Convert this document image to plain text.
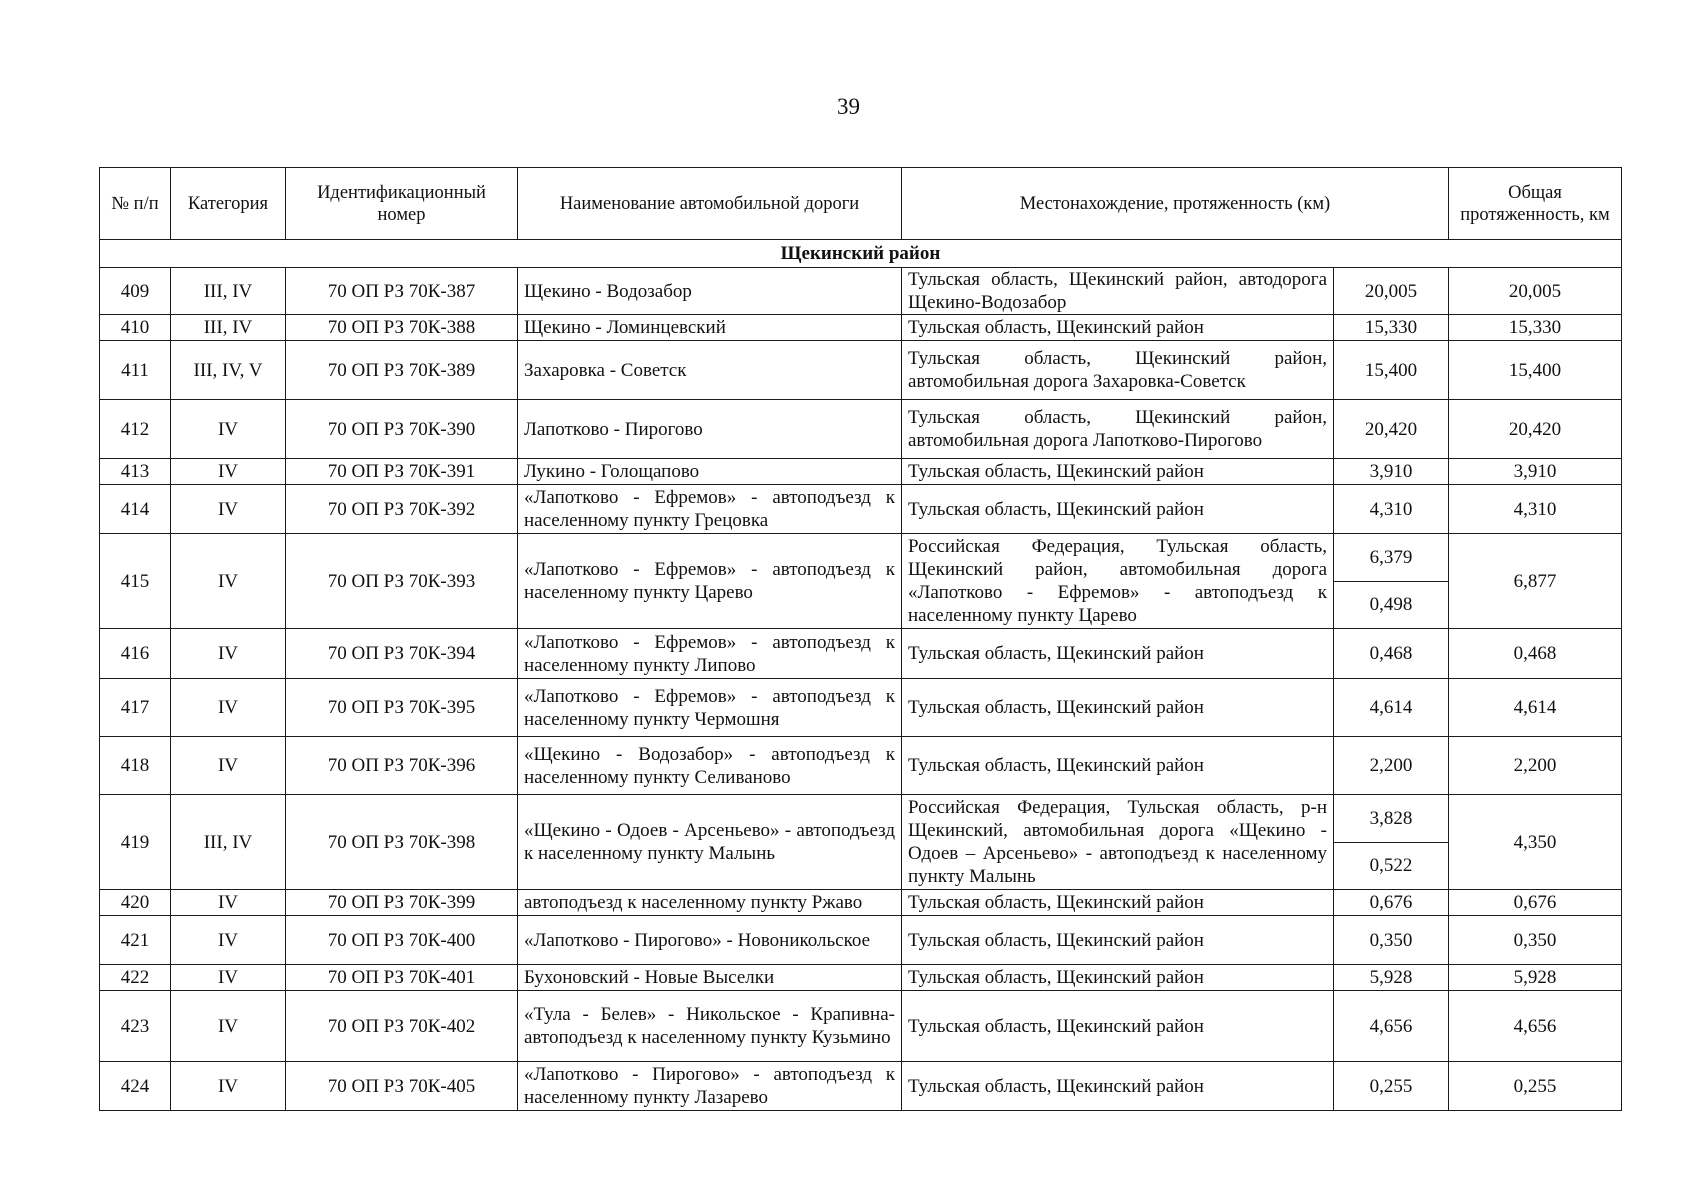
39
№ п/п	Категория	Идентификационный номер	Наименование автомобильной дороги	Местонахождение, протяженность (км)		Общая протяженность, км
Щекинский район						
409	III, IV	70 ОП РЗ 70К-387	Щекино - Водозабор	Тульская область, Щекинский район, автодорога Щекино-Водозабор	20,005	20,005
410	III, IV	70 ОП РЗ 70К-388	Щекино - Ломинцевский	Тульская область, Щекинский район	15,330	15,330
411	III, IV, V	70 ОП РЗ 70К-389	Захаровка - Советск	Тульская область, Щекинский район, автомобильная дорога Захаровка-Советск	15,400	15,400
412	IV	70 ОП РЗ 70К-390	Лапотково - Пирогово	Тульская область, Щекинский район, автомобильная дорога Лапотково-Пирогово	20,420	20,420
413	IV	70 ОП РЗ 70К-391	Лукино - Голощапово	Тульская область, Щекинский район	3,910	3,910
414	IV	70 ОП РЗ 70К-392	«Лапотково - Ефремов» - автоподъезд к населенному пункту Грецовка	Тульская область, Щекинский район	4,310	4,310
415	IV	70 ОП РЗ 70К-393	«Лапотково - Ефремов» - автоподъезд к населенному пункту Царево	Российская Федерация, Тульская область, Щекинский район, автомобильная дорога «Лапотково - Ефремов» - автоподъезд к населенному пункту Царево	6,379	6,877
					0,498	
416	IV	70 ОП РЗ 70К-394	«Лапотково - Ефремов» - автоподъезд к населенному пункту Липово	Тульская область, Щекинский район	0,468	0,468
417	IV	70 ОП РЗ 70К-395	«Лапотково - Ефремов» - автоподъезд к населенному пункту Чермошня	Тульская область, Щекинский район	4,614	4,614
418	IV	70 ОП РЗ 70К-396	«Щекино - Водозабор» - автоподъезд к населенному пункту Селиваново	Тульская область, Щекинский район	2,200	2,200
419	III, IV	70 ОП РЗ 70К-398	«Щекино - Одоев - Арсеньево» - автоподъезд к населенному пункту Малынь	Российская Федерация, Тульская область, р-н Щекинский, автомобильная дорога «Щекино - Одоев – Арсеньево» - автоподъезд к населенному пункту Малынь	3,828	4,350
					0,522	
420	IV	70 ОП РЗ 70К-399	автоподъезд к населенному пункту Ржаво	Тульская область, Щекинский район	0,676	0,676
421	IV	70 ОП РЗ 70К-400	«Лапотково - Пирогово» - Новоникольское	Тульская область, Щекинский район	0,350	0,350
422	IV	70 ОП РЗ 70К-401	Бухоновский - Новые Выселки	Тульская область, Щекинский район	5,928	5,928
423	IV	70 ОП РЗ 70К-402	«Тула - Белев» - Никольское - Крапивна-автоподъезд к населенному пункту Кузьмино	Тульская область, Щекинский район	4,656	4,656
424	IV	70 ОП РЗ 70К-405	«Лапотково - Пирогово» - автоподъезд к населенному пункту Лазарево	Тульская область, Щекинский район	0,255	0,255
